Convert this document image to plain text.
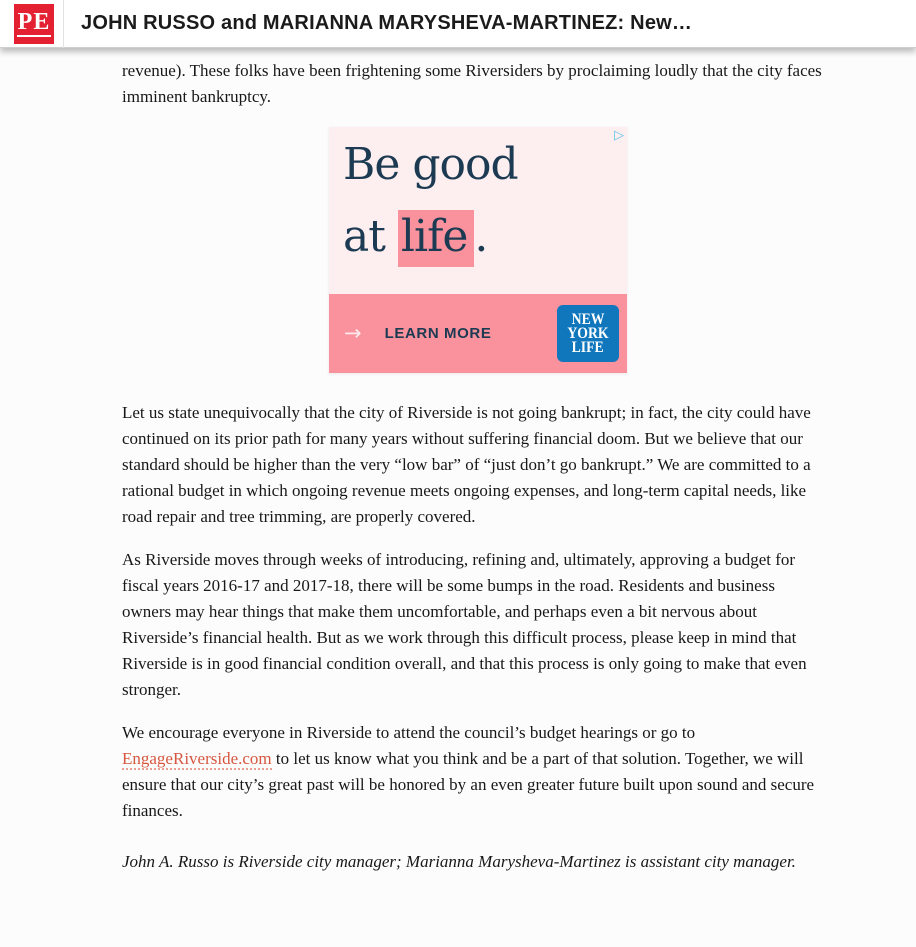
PE JOHN RUSSO and MARIANNA MARYSHEVA-MARTINEZ: New…

revenue). These folks have been frightening some Riversiders by proclaiming loudly that the city faces imminent bankruptcy.

▷
Be good
at life .
→ LEARN MORE
NEW
YORK
LIFE

Let us state unequivocally that the city of Riverside is not going bankrupt; in fact, the city could have continued on its prior path for many years without suffering financial doom. But we believe that our standard should be higher than the very “low bar” of “just don’t go bankrupt.” We are committed to a rational budget in which ongoing revenue meets ongoing expenses, and long-term capital needs, like road repair and tree trimming, are properly covered.

As Riverside moves through weeks of introducing, refining and, ultimately, approving a budget for fiscal years 2016-17 and 2017-18, there will be some bumps in the road. Residents and business owners may hear things that make them uncomfortable, and perhaps even a bit nervous about Riverside’s financial health. But as we work through this difficult process, please keep in mind that Riverside is in good financial condition overall, and that this process is only going to make that even stronger.

We encourage everyone in Riverside to attend the council’s budget hearings or go to EngageRiverside.com to let us know what you think and be a part of that solution. Together, we will ensure that our city’s great past will be honored by an even greater future built upon sound and secure finances.

John A. Russo is Riverside city manager; Marianna Marysheva-Martinez is assistant city manager.
